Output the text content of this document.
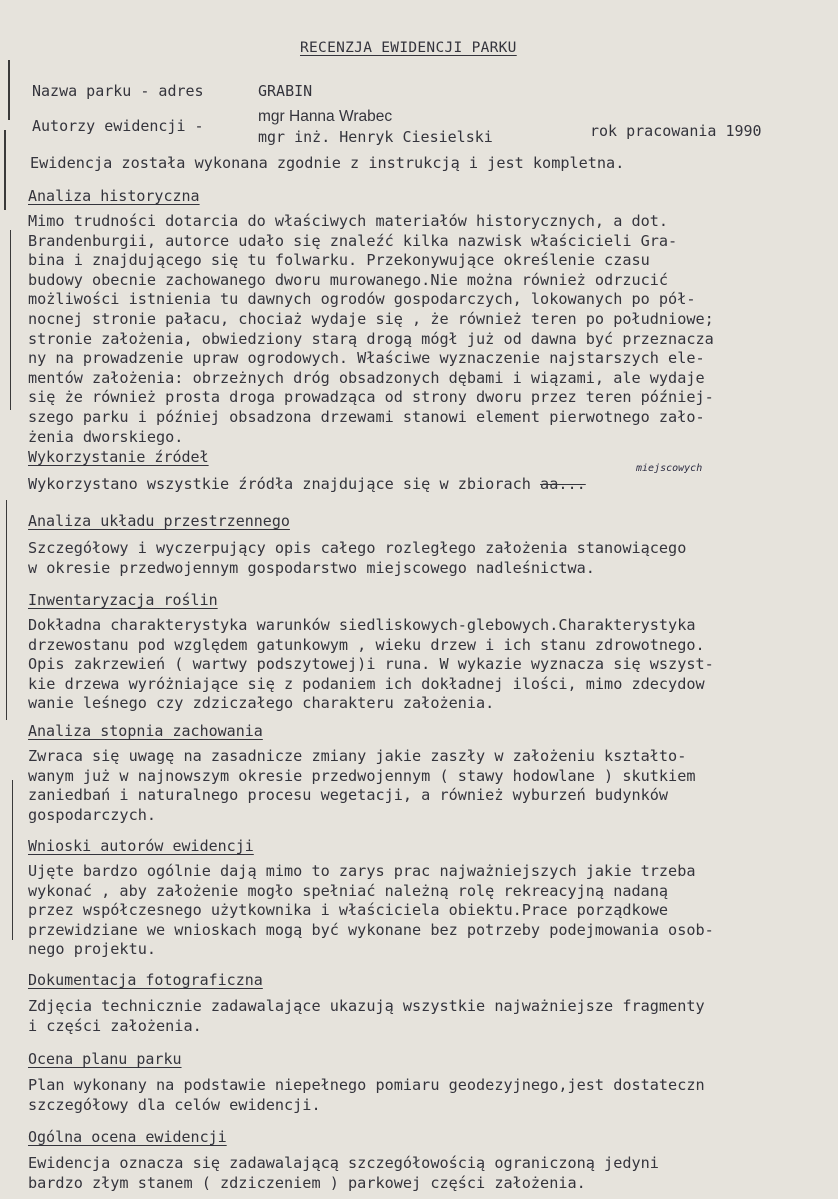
RECENZJA EWIDENCJI PARKU
Nazwa parku - adres	GRABIN
Autorzy ewidencji -
mgr Hanna Wrabec
mgr inż. Henryk Ciesielski	rok pracowania 1990
Ewidencja została wykonana zgodnie z instrukcją i jest kompletna.
Analiza historyczna
Mimo trudności dotarcia do właściwych materiałów historycznych, a dot.
Brandenburgii, autorce udało się znaleźć kilka nazwisk właścicieli Gra-
bina i znajdującego się tu folwarku. Przekonywujące określenie czasu
budowy obecnie zachowanego dworu murowanego.Nie można również odrzucić
możliwości istnienia tu dawnych ogrodów gospodarczych, lokowanych po pół-
nocnej stronie pałacu, chociaż wydaje się , że również teren po południowe;
stronie założenia, obwiedziony starą drogą mógł już od dawna być przeznacza
ny na prowadzenie upraw ogrodowych. Właściwe wyznaczenie najstarszych ele-
mentów założenia: obrzeżnych dróg obsadzonych dębami i wiązami, ale wydaje
się że również prosta droga prowadząca od strony dworu przez teren później-
szego parku i później obsadzona drzewami stanowi element pierwotnego zało-
żenia dworskiego.
Wykorzystanie źródeł
miejscowych
Wykorzystano wszystkie źródła znajdujące się w zbiorach aa...
Analiza układu przestrzennego
Szczegółowy i wyczerpujący opis całego rozległego założenia stanowiącego
w okresie przedwojennym gospodarstwo miejscowego nadleśnictwa.
Inwentaryzacja roślin
Dokładna charakterystyka warunków siedliskowych-glebowych.Charakterystyka
drzewostanu pod względem gatunkowym , wieku drzew i ich stanu zdrowotnego.
Opis zakrzewień ( wartwy podszytowej)i runa. W wykazie wyznacza się wszyst-
kie drzewa wyróżniające się z podaniem ich dokładnej ilości, mimo zdecydow
wanie leśnego czy zdziczałego charakteru założenia.
Analiza stopnia zachowania
Zwraca się uwagę na zasadnicze zmiany jakie zaszły w założeniu kształto-
wanym już w najnowszym okresie przedwojennym ( stawy hodowlane ) skutkiem
zaniedbań i naturalnego procesu wegetacji, a również wyburzeń budynków
gospodarczych.
Wnioski autorów ewidencji
Ujęte bardzo ogólnie dają mimo to zarys prac najważniejszych jakie trzeba
wykonać , aby założenie mogło spełniać należną rolę rekreacyjną nadaną
przez współczesnego użytkownika i właściciela obiektu.Prace porządkowe
przewidziane we wnioskach mogą być wykonane bez potrzeby podejmowania osob-
nego projektu.
Dokumentacja fotograficzna
Zdjęcia technicznie zadawalające ukazują wszystkie najważniejsze fragmenty
i części założenia.
Ocena planu parku
Plan wykonany na podstawie niepełnego pomiaru geodezyjnego,jest dostateczn
szczegółowy dla celów ewidencji.
Ogólna ocena ewidencji
Ewidencja oznacza się zadawalającą szczegółowością ograniczoną jedyni
bardzo złym stanem ( zdziczeniem ) parkowej części założenia.
